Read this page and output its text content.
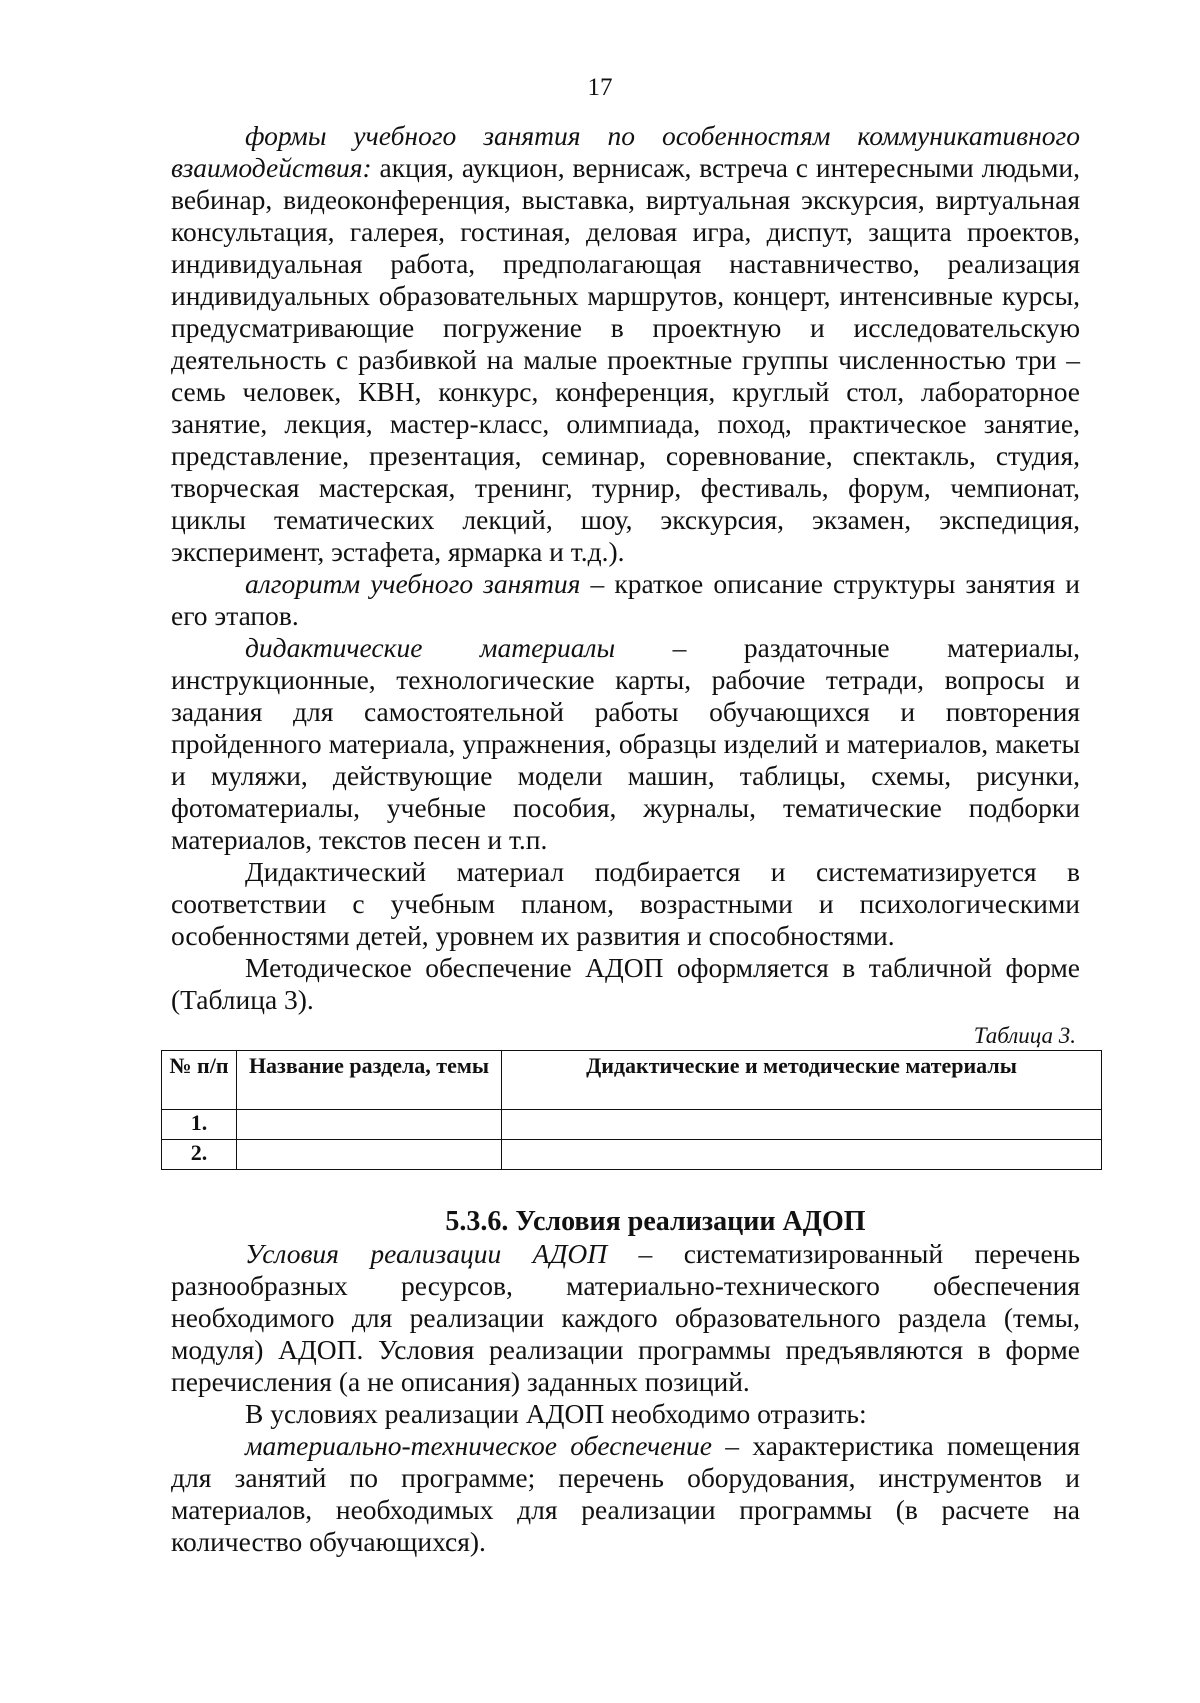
17

формы учебного занятия по особенностям коммуникативного взаимодействия: акция, аукцион, вернисаж, встреча с интересными людьми, вебинар, видеоконференция, выставка, виртуальная экскурсия, виртуальная консультация, галерея, гостиная, деловая игра, диспут, защита проектов, индивидуальная работа, предполагающая наставничество, реализация индивидуальных образовательных маршрутов, концерт, интенсивные курсы, предусматривающие погружение в проектную и исследовательскую деятельность с разбивкой на малые проектные группы численностью три – семь человек, КВН, конкурс, конференция, круглый стол, лабораторное занятие, лекция, мастер-класс, олимпиада, поход, практическое занятие, представление, презентация, семинар, соревнование, спектакль, студия, творческая мастерская, тренинг, турнир, фестиваль, форум, чемпионат, циклы тематических лекций, шоу, экскурсия, экзамен, экспедиция, эксперимент, эстафета, ярмарка и т.д.).

алгоритм учебного занятия – краткое описание структуры занятия и его этапов.

дидактические материалы – раздаточные материалы, инструкционные, технологические карты, рабочие тетради, вопросы и задания для самостоятельной работы обучающихся и повторения пройденного материала, упражнения, образцы изделий и материалов, макеты и муляжи, действующие модели машин, таблицы, схемы, рисунки, фотоматериалы, учебные пособия, журналы, тематические подборки материалов, текстов песен и т.п.

Дидактический материал подбирается и систематизируется в соответствии с учебным планом, возрастными и психологическими особенностями детей, уровнем их развития и способностями.

Методическое обеспечение АДОП оформляется в табличной форме (Таблица 3).

Таблица 3.
№ п/п	Название раздела, темы	Дидактические и методические материалы
1.		
2.		
5.3.6. Условия реализации АДОП

Условия реализации АДОП – систематизированный перечень разнообразных ресурсов, материально-технического обеспечения необходимого для реализации каждого образовательного раздела (темы, модуля) АДОП. Условия реализации программы предъявляются в форме перечисления (а не описания) заданных позиций.

В условиях реализации АДОП необходимо отразить:

материально-техническое обеспечение – характеристика помещения для занятий по программе; перечень оборудования, инструментов и материалов, необходимых для реализации программы (в расчете на количество обучающихся).
